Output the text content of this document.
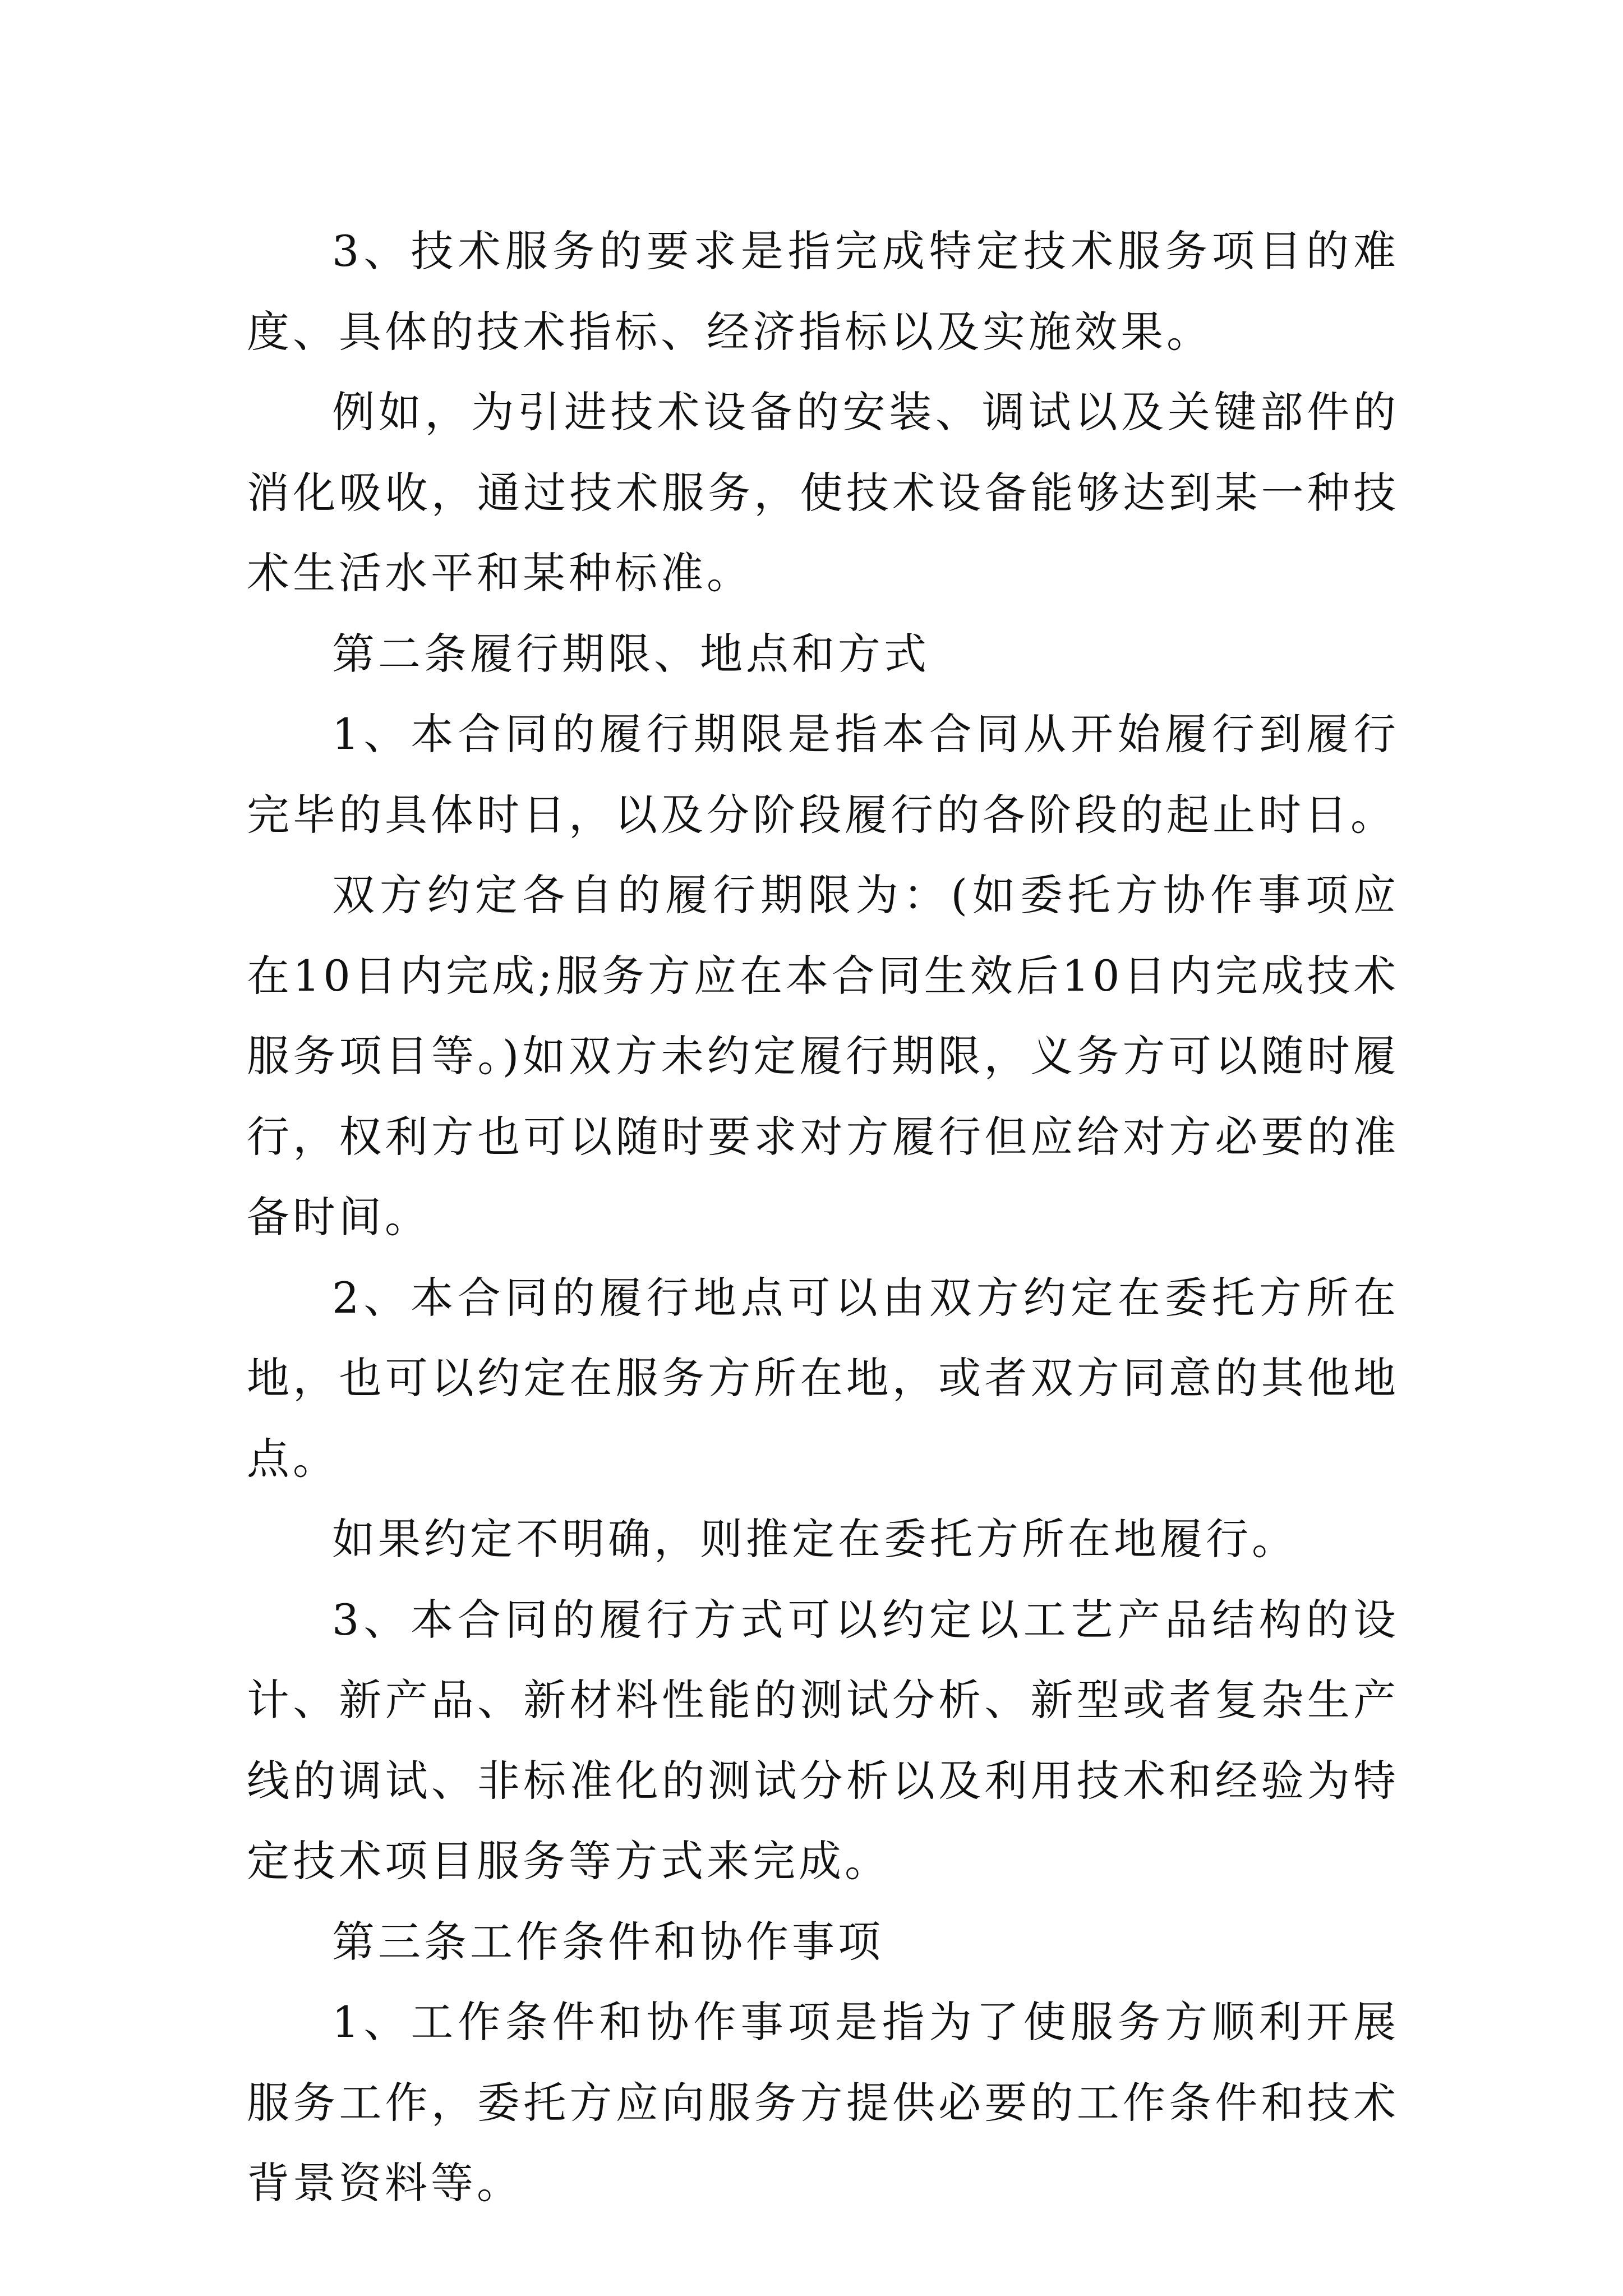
3、技术服务的要求是指完成特定技术服务项目的难度、具体的技术指标、经济指标以及实施效果。

例如，为引进技术设备的安装、调试以及关键部件的消化吸收，通过技术服务，使技术设备能够达到某一种技术生活水平和某种标准。

第二条履行期限、地点和方式

1、本合同的履行期限是指本合同从开始履行到履行完毕的具体时日，以及分阶段履行的各阶段的起止时日。

双方约定各自的履行期限为：(如委托方协作事项应在10日内完成;服务方应在本合同生效后10日内完成技术服务项目等。)如双方未约定履行期限，义务方可以随时履行，权利方也可以随时要求对方履行但应给对方必要的准备时间。

2、本合同的履行地点可以由双方约定在委托方所在地，也可以约定在服务方所在地，或者双方同意的其他地点。

如果约定不明确，则推定在委托方所在地履行。

3、本合同的履行方式可以约定以工艺产品结构的设计、新产品、新材料性能的测试分析、新型或者复杂生产线的调试、非标准化的测试分析以及利用技术和经验为特定技术项目服务等方式来完成。

第三条工作条件和协作事项

1、工作条件和协作事项是指为了使服务方顺利开展服务工作，委托方应向服务方提供必要的工作条件和技术背景资料等。
